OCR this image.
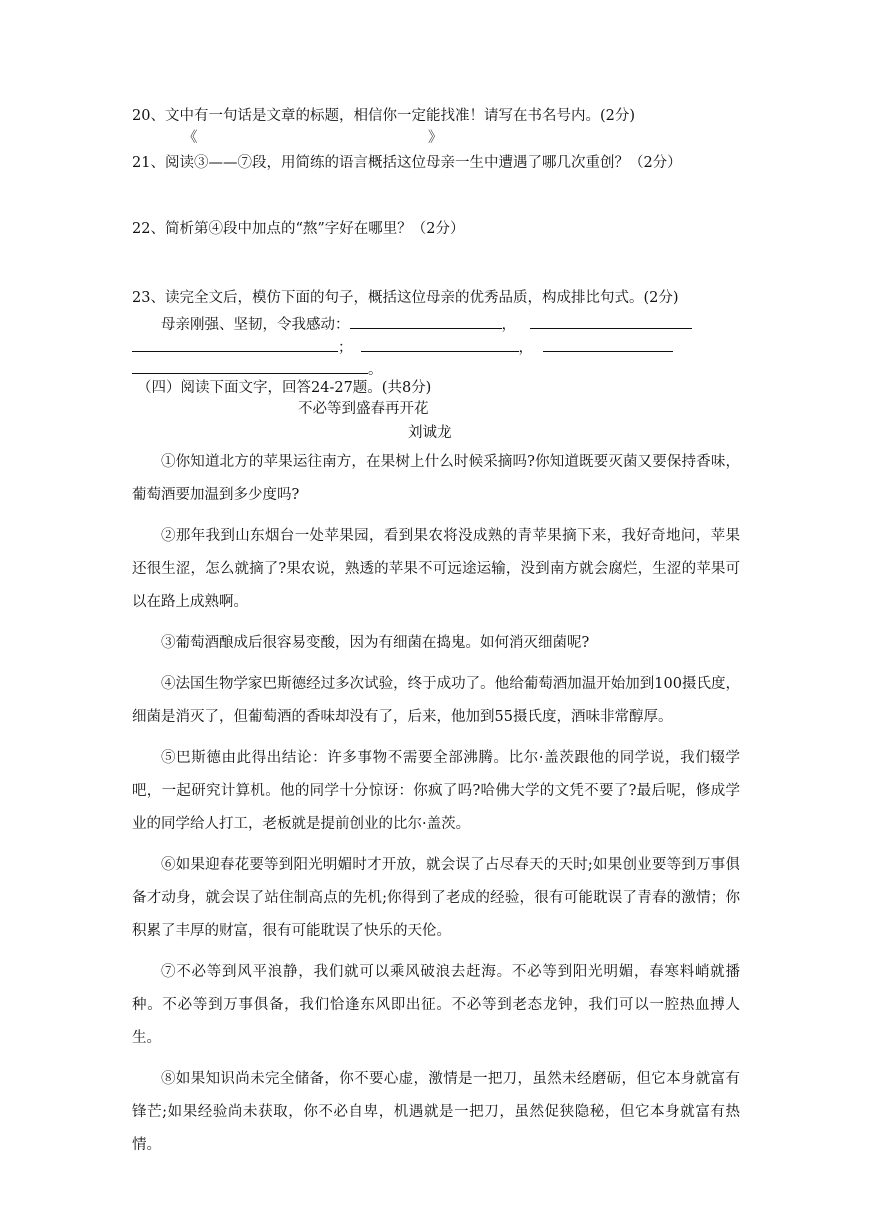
20、文中有一句话是文章的标题，相信你一定能找准！请写在书名号内。(2分)
《	》
21、阅读③——⑦段，用简练的语言概括这位母亲一生中遭遇了哪几次重创？（2分）
22、简析第④段中加点的“熬”字好在哪里？（2分）
23、读完全文后，模仿下面的句子，概括这位母亲的优秀品质，构成排比句式。(2分)
母亲刚强、坚韧，令我感动：	，
；	，
。
（四）阅读下面文字，回答24-27题。(共8分)
不必等到盛春再开花
刘诚龙

①你知道北方的苹果运往南方，在果树上什么时候采摘吗?你知道既要灭菌又要保持香味，葡萄酒要加温到多少度吗?

②那年我到山东烟台一处苹果园，看到果农将没成熟的青苹果摘下来，我好奇地问，苹果还很生涩，怎么就摘了?果农说，熟透的苹果不可远途运输，没到南方就会腐烂，生涩的苹果可以在路上成熟啊。

③葡萄酒酿成后很容易变酸，因为有细菌在捣鬼。如何消灭细菌呢?

④法国生物学家巴斯德经过多次试验，终于成功了。他给葡萄酒加温开始加到100摄氏度，细菌是消灭了，但葡萄酒的香味却没有了，后来，他加到55摄氏度，酒味非常醇厚。

⑤巴斯德由此得出结论：许多事物不需要全部沸腾。比尔·盖茨跟他的同学说，我们辍学吧，一起研究计算机。他的同学十分惊讶：你疯了吗?哈佛大学的文凭不要了?最后呢，修成学业的同学给人打工，老板就是提前创业的比尔·盖茨。

⑥如果迎春花要等到阳光明媚时才开放，就会误了占尽春天的天时;如果创业要等到万事俱备才动身，就会误了站住制高点的先机;你得到了老成的经验，很有可能耽误了青春的激情；你积累了丰厚的财富，很有可能耽误了快乐的天伦。

⑦不必等到风平浪静，我们就可以乘风破浪去赶海。不必等到阳光明媚，春寒料峭就播种。不必等到万事俱备，我们恰逢东风即出征。不必等到老态龙钟，我们可以一腔热血搏人生。

⑧如果知识尚未完全储备，你不要心虚，激情是一把刀，虽然未经磨砺，但它本身就富有锋芒;如果经验尚未获取，你不必自卑，机遇就是一把刀，虽然促狭隐秘，但它本身就富有热情。
